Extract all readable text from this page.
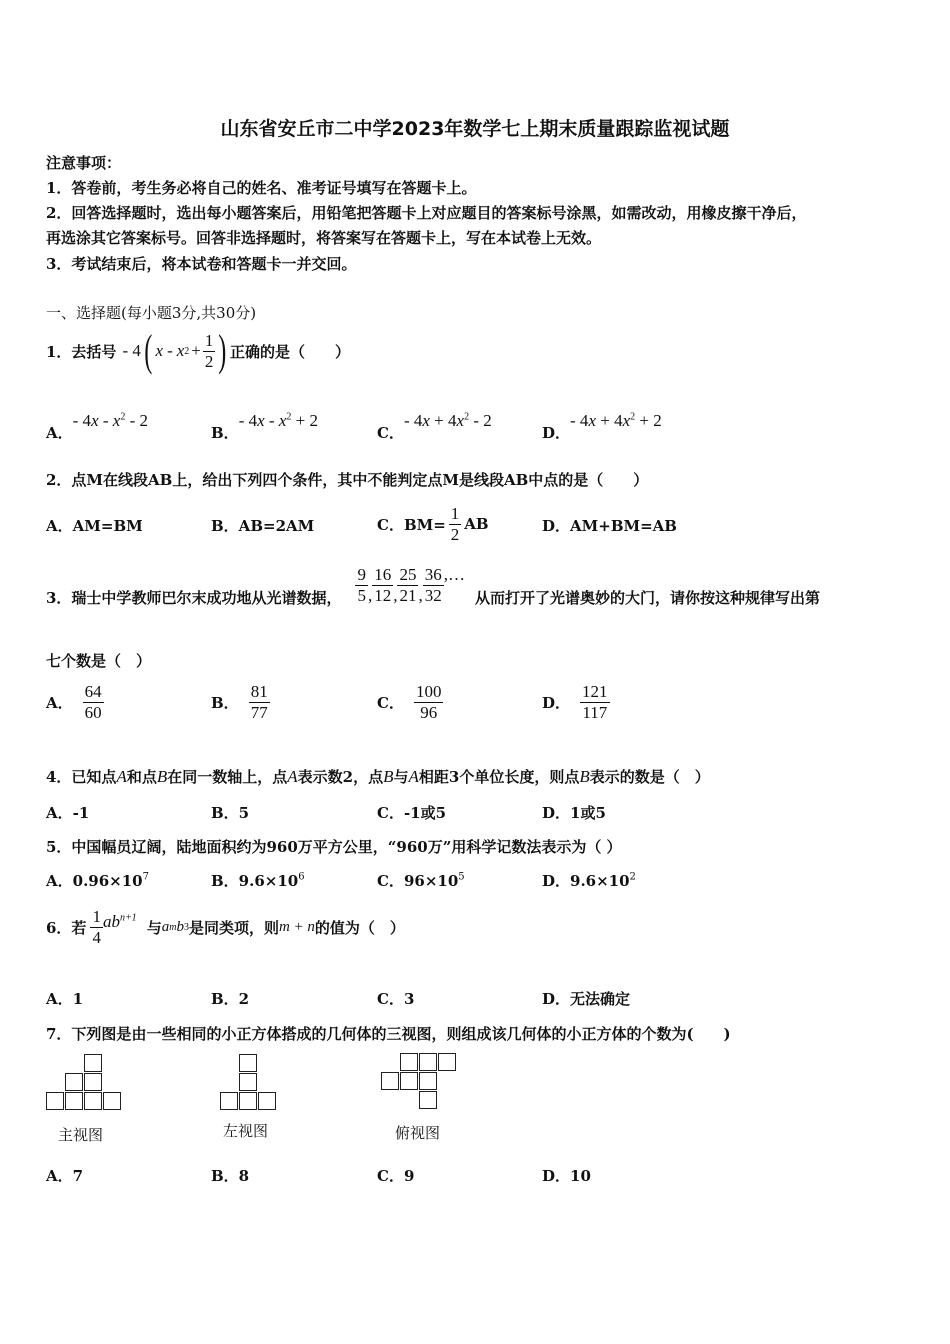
山东省安丘市二中学2023年数学七上期末质量跟踪监视试题
注意事项：
1．答卷前，考生务必将自己的姓名、准考证号填写在答题卡上。
2．回答选择题时，选出每小题答案后，用铅笔把答题卡上对应题目的答案标号涂黑，如需改动，用橡皮擦干净后，
再选涂其它答案标号。回答非选择题时，将答案写在答题卡上，写在本试卷上无效。
3．考试结束后，将本试卷和答题卡一并交回。
一、选择题(每小题3分,共30分)
1．去括号 - 4 ( x - x $2 + \frac{1}{2}$ ) 正确的是（　　）
A．- $4x - x^2 - 2$
B．- $4x - x^2 + 2$
C．- $4x + 4x^2 - 2$
D．- $4x + 4x^2 + 2$
2．点M在线段AB上，给出下列四个条件，其中不能判定点M是线段AB中点的是（　　）
A．AM=BM	B．AB=2AM	C．$BM= \frac{1}{2}$ AB	D．AM+BM=AB
3．瑞士中学教师巴尔末成功地从光谱数据， $\frac{9}{5}$ , $\frac{16}{12}$ , $\frac{25}{21}$ , $\frac{36}{32}$ , …
从而打开了光谱奥妙的大门，请你按这种规律写出第
七个数是（　）
A． $\frac{64}{60}$	B． $\frac{81}{77}$	C． $\frac{100}{96}$	D． $\frac{121}{117}$
4．已知点A和点B在同一数轴上，点A表示数2，点B与A相距3个单位长度，则点B表示的数是（　）
A．-1	B．5	C．-1或5	D．1或5
5．中国幅员辽阔，陆地面积约为960万平方公里，“960万”用科学记数法表示为（ ）
A．$0.96\times 10^7$	B．$9.6\times 10^6$	C．$96\times 10^5$	D．$9.6\times 10^2$
6．若 $\frac{1}{4} ab^{n+1}$
与 a m b 3 是同类项，则 m + n 的值为（　）
A．1	B．2	C．3	D．无法确定
7．下列图是由一些相同的小正方体搭成的几何体的三视图，则组成该几何体的小正方体的个数为(　　)
主视图	左视图	俯视图
A．7	B．8	C．9	D．10
